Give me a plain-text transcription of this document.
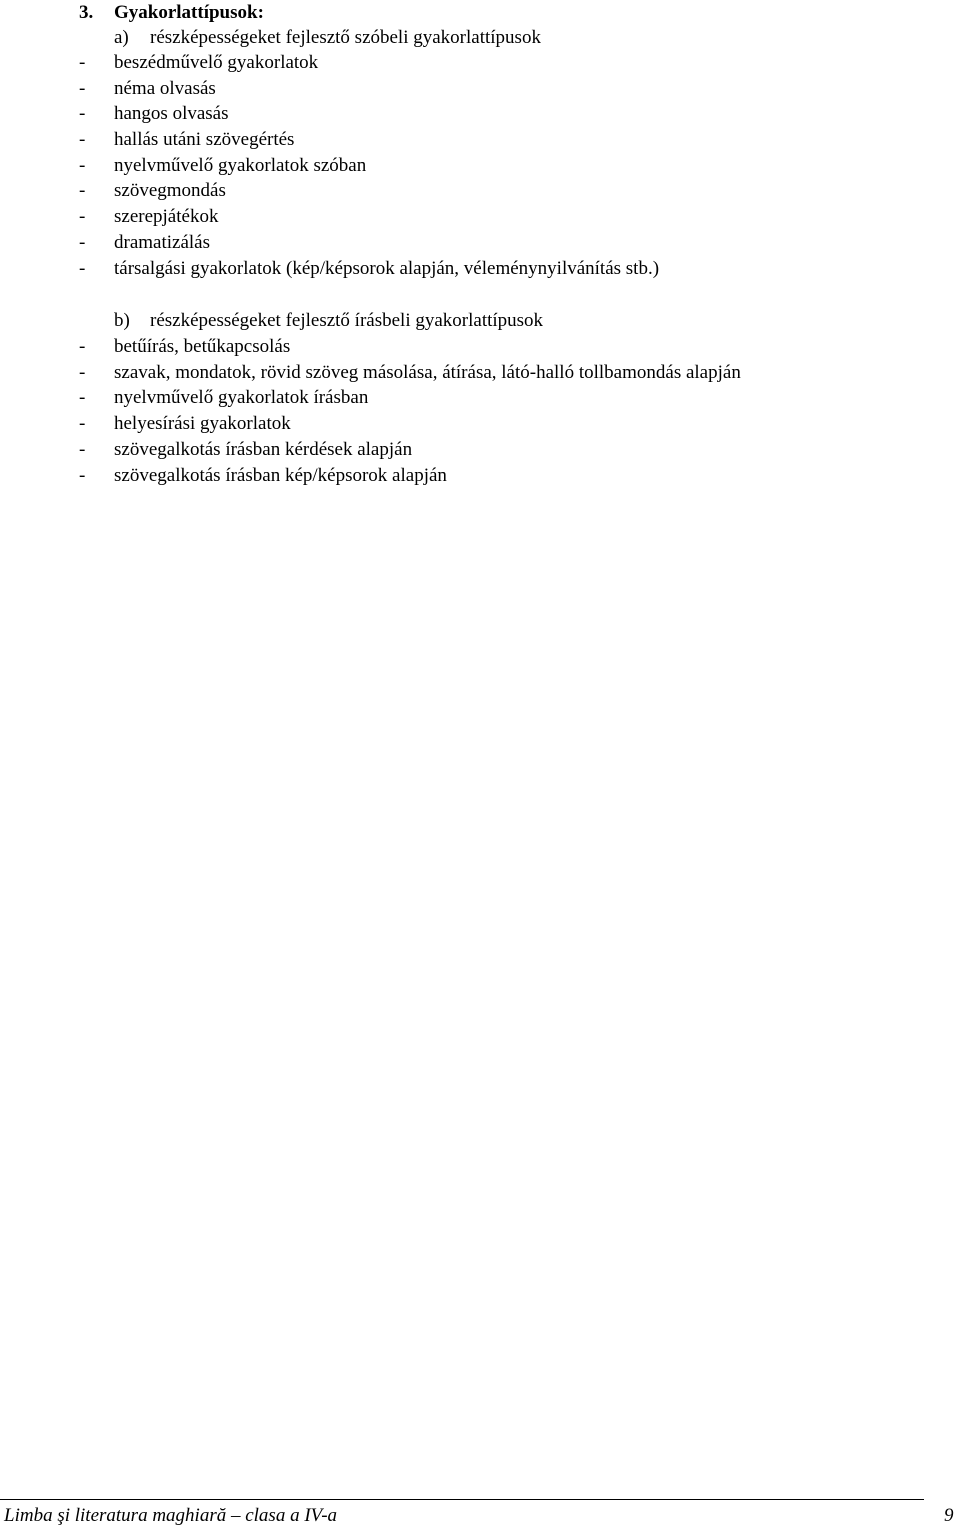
3. Gyakorlattípusok:
a) részképességeket fejlesztő szóbeli gyakorlattípusok
- beszédművelő gyakorlatok
- néma olvasás
- hangos olvasás
- hallás utáni szövegértés
- nyelvművelő gyakorlatok szóban
- szövegmondás
- szerepjátékok
- dramatizálás
- társalgási gyakorlatok (kép/képsorok alapján, véleménynyilvánítás stb.)
b) részképességeket fejlesztő írásbeli gyakorlattípusok
- betűírás, betűkapcsolás
- szavak, mondatok, rövid szöveg másolása, átírása, látó-halló tollbamondás alapján
- nyelvművelő gyakorlatok írásban
- helyesírási gyakorlatok
- szövegalkotás írásban kérdések alapján
- szövegalkotás írásban kép/képsorok alapján
Limba şi literatura maghiară – clasa a IV-a	9
